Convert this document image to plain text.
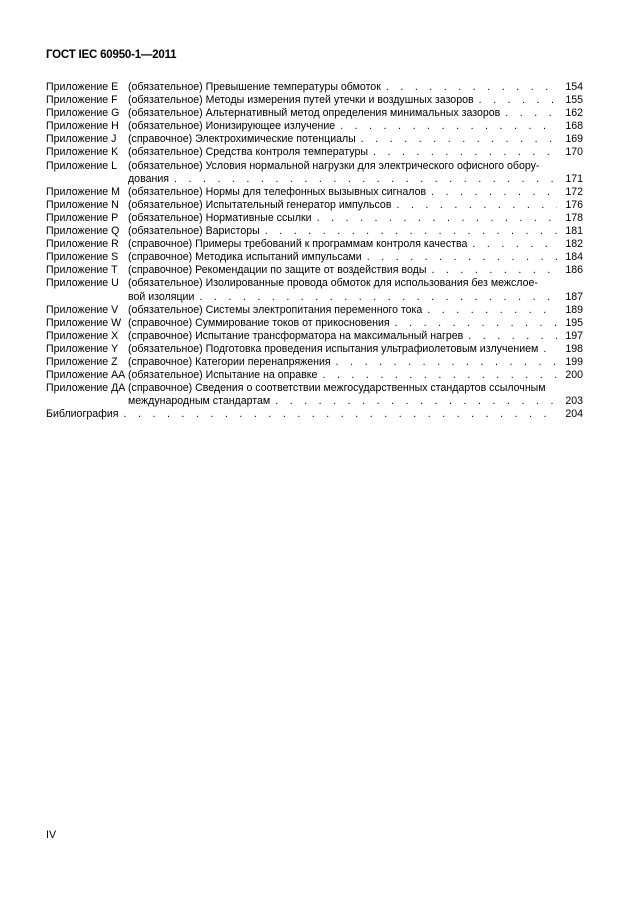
ГОСТ IEC 60950-1—2011
Приложение E (обязательное) Превышение температуры обмоток . . .	154
Приложение F (обязательное) Методы измерения путей утечки и воздушных зазоров . . .	155
Приложение G (обязательное) Альтернативный метод определения минимальных зазоров . . .	162
Приложение H (обязательное) Ионизирующее излучение . . .	168
Приложение J	(справочное) Электрохимические потенциалы . . .	169
Приложение K (обязательное) Средства контроля температуры . . .	170
Приложение L	(обязательное) Условия нормальной нагрузки для электрического офисного обору-
дования . . .	171
Приложение M (обязательное) Нормы для телефонных вызывных сигналов . . .	172
Приложение N (обязательное) Испытательный генератор импульсов . . .	176
Приложение P (обязательное) Нормативные ссылки . . .	178
Приложение Q (обязательное) Варисторы . . .	181
Приложение R (справочное) Примеры требований к программам контроля качества . . .	182
Приложение S (справочное) Методика испытаний импульсами . . .	184
Приложение T (справочное) Рекомендации по защите от воздействия воды . . .	186
Приложение U (обязательное) Изолированные провода обмоток для использования без межслое-
вой изоляции . . .	187
Приложение V (обязательное) Системы электропитания переменного тока . . .	189
Приложение W (справочное) Суммирование токов от прикосновения . . .	195
Приложение X (справочное) Испытание трансформатора на максимальный нагрев . . .	197
Приложение Y (обязательное) Подготовка проведения испытания ультрафиолетовым излучением . . .	198
Приложение Z (справочное) Категории перенапряжения . . .	199
Приложение АА (обязательное) Испытание на оправке . . .	200
Приложение ДА (справочное) Сведения о соответствии межгосударственных стандартов ссылочным
международным стандартам . . .	203
Библиография . . .	204
IV
